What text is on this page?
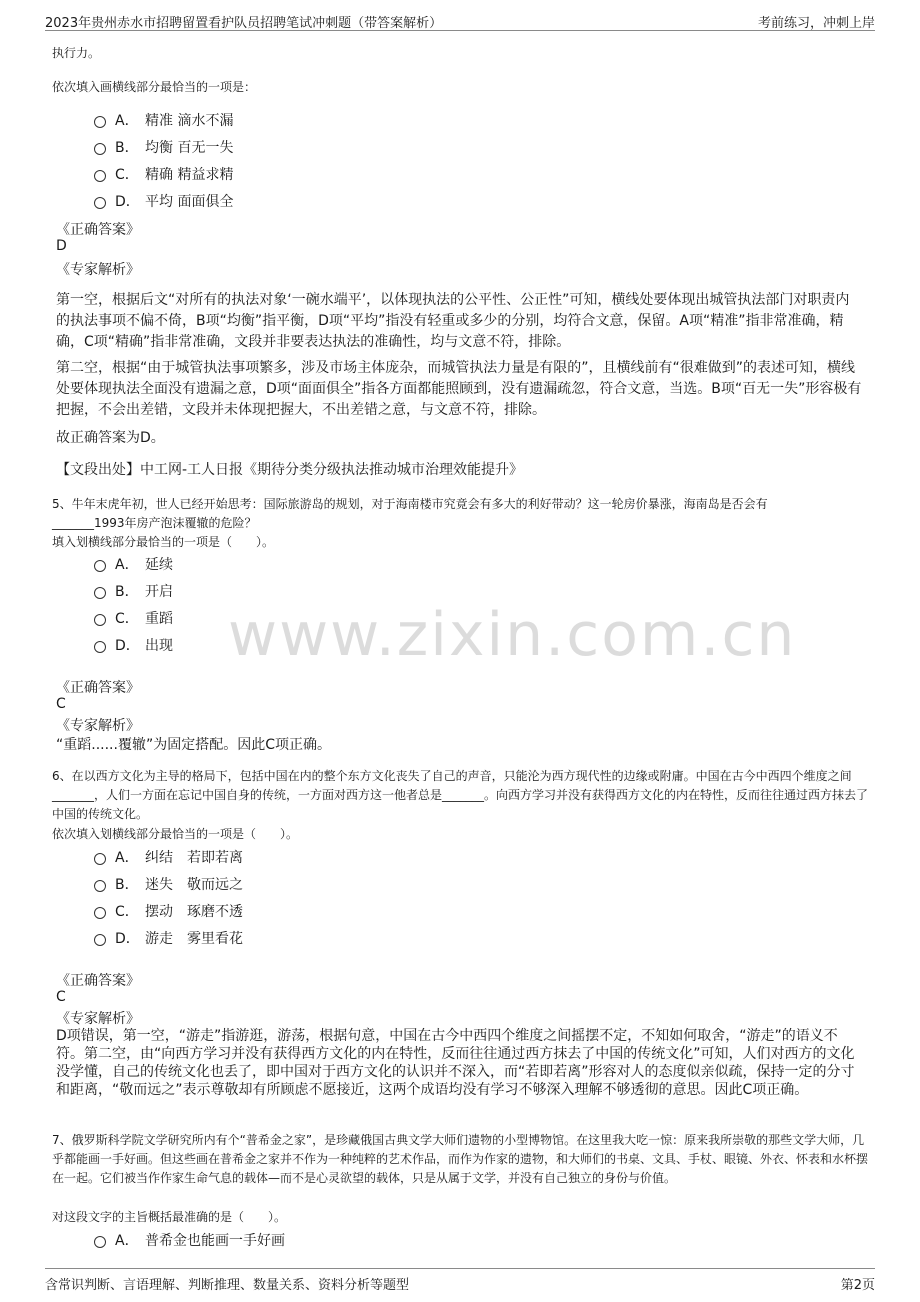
2023年贵州赤水市招聘留置看护队员招聘笔试冲刺题（带答案解析）	考前练习，冲刺上岸
www.zixin.com.cn
执行力。
依次填入画横线部分最恰当的一项是：
A． 精准 滴水不漏
B． 均衡 百无一失
C． 精确 精益求精
D． 平均 面面俱全
《正确答案》
D
《专家解析》
第一空，根据后文“对所有的执法对象‘一碗水端平’，以体现执法的公平性、公正性”可知，横线处要体现出城管执法部门对职责内的执法事项不偏不倚，B项“均衡”指平衡，D项“平均”指没有轻重或多少的分别，均符合文意，保留。A项“精准”指非常准确，精确，C项“精确”指非常准确，文段并非要表达执法的准确性，均与文意不符，排除。
第二空，根据“由于城管执法事项繁多，涉及市场主体庞杂，而城管执法力量是有限的”，且横线前有“很难做到”的表述可知，横线处要体现执法全面没有遗漏之意，D项“面面俱全”指各方面都能照顾到，没有遗漏疏忽，符合文意，当选。B项“百无一失”形容极有把握，不会出差错，文段并未体现把握大，不出差错之意，与文意不符，排除。
故正确答案为D。
【文段出处】中工网-工人日报《期待分类分级执法推动城市治理效能提升》
5、牛年末虎年初，世人已经开始思考：国际旅游岛的规划，对于海南楼市究竟会有多大的利好带动？这一轮房价暴涨，海南岛是否会有
_______1993年房产泡沫覆辙的危险？
填入划横线部分最恰当的一项是（　　）。
A． 延续
B． 开启
C． 重蹈
D． 出现
《正确答案》
C
《专家解析》
“重蹈......覆辙”为固定搭配。因此C项正确。
6、在以西方文化为主导的格局下，包括中国在内的整个东方文化丧失了自己的声音，只能沦为西方现代性的边缘或附庸。中国在古今中西四个维度之间_______，人们一方面在忘记中国自身的传统，一方面对西方这一他者总是_______。向西方学习并没有获得西方文化的内在特性，反而往往通过西方抹去了中国的传统文化。
依次填入划横线部分最恰当的一项是（　　）。
A． 纠结　若即若离
B． 迷失　敬而远之
C． 摆动　琢磨不透
D． 游走　雾里看花
《正确答案》
C
《专家解析》
D项错误，第一空，“游走”指游逛，游荡，根据句意，中国在古今中西四个维度之间摇摆不定，不知如何取舍，“游走”的语义不符。第二空，由“向西方学习并没有获得西方文化的内在特性，反而往往通过西方抹去了中国的传统文化”可知，人们对西方的文化没学懂，自己的传统文化也丢了，即中国对于西方文化的认识并不深入，而“若即若离”形容对人的态度似亲似疏，保持一定的分寸和距离，“敬而远之”表示尊敬却有所顾虑不愿接近，这两个成语均没有学习不够深入理解不够透彻的意思。因此C项正确。
7、俄罗斯科学院文学研究所内有个“普希金之家”，是珍藏俄国古典文学大师们遗物的小型博物馆。在这里我大吃一惊：原来我所崇敬的那些文学大师，几乎都能画一手好画。但这些画在普希金之家并不作为一种纯粹的艺术作品，而作为作家的遗物，和大师们的书桌、文具、手杖、眼镜、外衣、怀表和水杯摆在一起。它们被当作作家生命气息的载体—而不是心灵欲望的载体，只是从属于文学，并没有自己独立的身份与价值。
对这段文字的主旨概括最准确的是（　　）。
A． 普希金也能画一手好画
含常识判断、言语理解、判断推理、数量关系、资料分析等题型	第2页
